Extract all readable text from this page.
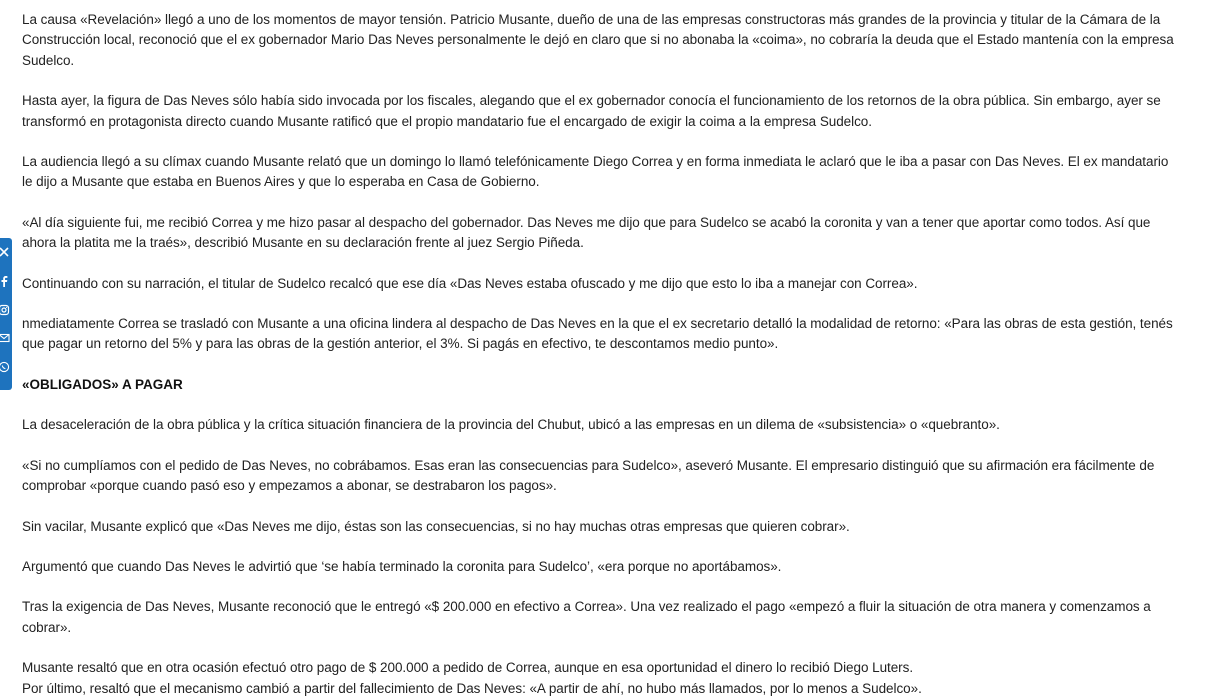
La causa «Revelación» llegó a uno de los momentos de mayor tensión. Patricio Musante, dueño de una de las empresas constructoras más grandes de la provincia y titular de la Cámara de la Construcción local, reconoció que el ex gobernador Mario Das Neves personalmente le dejó en claro que si no abonaba la «coima», no cobraría la deuda que el Estado mantenía con la empresa Sudelco.

Hasta ayer, la figura de Das Neves sólo había sido invocada por los fiscales, alegando que el ex gobernador conocía el funcionamiento de los retornos de la obra pública. Sin embargo, ayer se transformó en protagonista directo cuando Musante ratificó que el propio mandatario fue el encargado de exigir la coima a la empresa Sudelco.

La audiencia llegó a su clímax cuando Musante relató que un domingo lo llamó telefónicamente Diego Correa y en forma inmediata le aclaró que le iba a pasar con Das Neves. El ex mandatario le dijo a Musante que estaba en Buenos Aires y que lo esperaba en Casa de Gobierno.

«Al día siguiente fui, me recibió Correa y me hizo pasar al despacho del gobernador. Das Neves me dijo que para Sudelco se acabó la coronita y van a tener que aportar como todos. Así que ahora la platita me la traés», describió Musante en su declaración frente al juez Sergio Piñeda.

Continuando con su narración, el titular de Sudelco recalcó que ese día «Das Neves estaba ofuscado y me dijo que esto lo iba a manejar con Correa».

nmediatamente Correa se trasladó con Musante a una oficina lindera al despacho de Das Neves en la que el ex secretario detalló la modalidad de retorno: «Para las obras de esta gestión, tenés que pagar un retorno del 5% y para las obras de la gestión anterior, el 3%. Si pagás en efectivo, te descontamos medio punto».

«OBLIGADOS» A PAGAR

La desaceleración de la obra pública y la crítica situación financiera de la provincia del Chubut, ubicó a las empresas en un dilema de «subsistencia» o «quebranto».

«Si no cumplíamos con el pedido de Das Neves, no cobrábamos. Esas eran las consecuencias para Sudelco», aseveró Musante. El empresario distinguió que su afirmación era fácilmente de comprobar «porque cuando pasó eso y empezamos a abonar, se destrabaron los pagos».

Sin vacilar, Musante explicó que «Das Neves me dijo, éstas son las consecuencias, si no hay muchas otras empresas que quieren cobrar».

Argumentó que cuando Das Neves le advirtió que ‘se había terminado la coronita para Sudelco’, «era porque no aportábamos».

Tras la exigencia de Das Neves, Musante reconoció que le entregó «$ 200.000 en efectivo a Correa». Una vez realizado el pago «empezó a fluir la situación de otra manera y comenzamos a cobrar».

Musante resaltó que en otra ocasión efectuó otro pago de $ 200.000 a pedido de Correa, aunque en esa oportunidad el dinero lo recibió Diego Luters.

Por último, resaltó que el mecanismo cambió a partir del fallecimiento de Das Neves: «A partir de ahí, no hubo más llamados, por lo menos a Sudelco».
